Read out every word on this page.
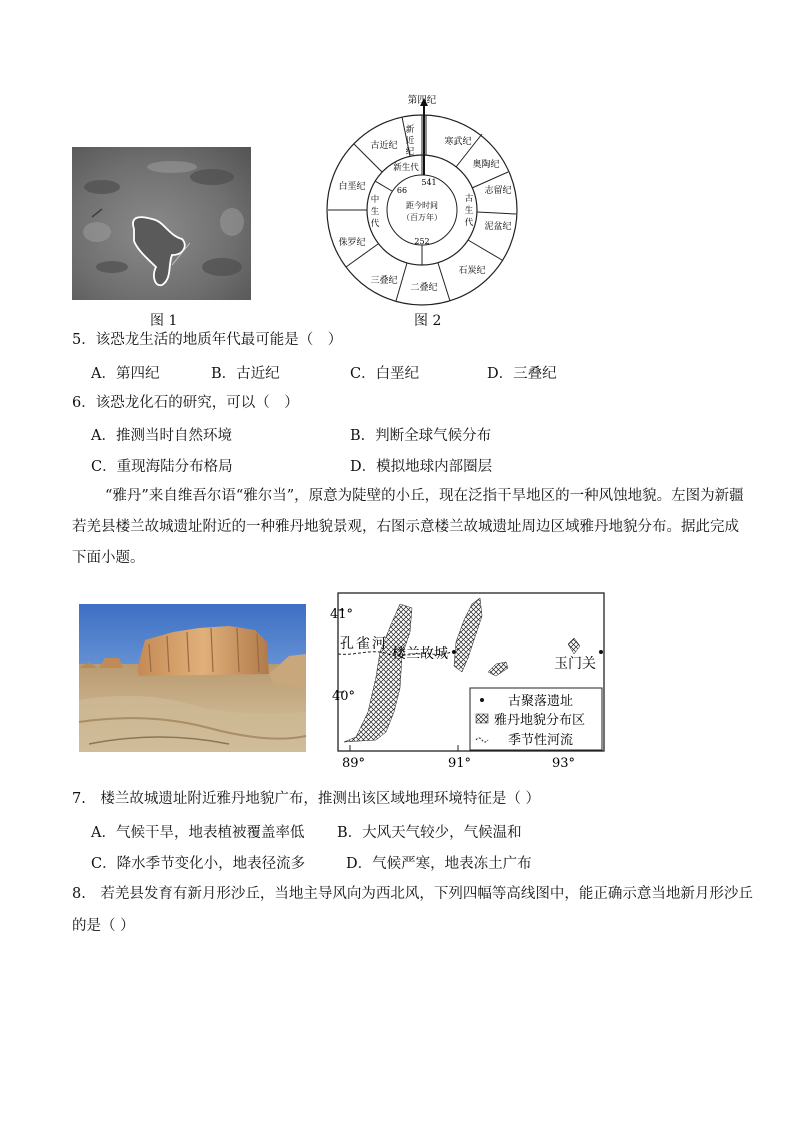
图 1
第四纪
新
近
纪
古近纪
白垩纪
侏罗纪
三叠纪
二叠纪
石炭纪
泥盆纪
志留纪
奥陶纪
寒武纪
新生代
中
生
代
古
生
代
541
66
252
距今时间
（百万年）
图 2
5．该恐龙生活的地质年代最可能是（　）
A．第四纪	B．古近纪	C．白垩纪	D．三叠纪
6．该恐龙化石的研究，可以（　）
A．推测当时自然环境	B．判断全球气候分布
C．重现海陆分布格局	D．模拟地球内部圈层
“雅丹”来自维吾尔语“雅尔当”，原意为陡壁的小丘，现在泛指干旱地区的一种风蚀地貌。左图为新疆
若羌县楼兰故城遗址附近的一种雅丹地貌景观，右图示意楼兰故城遗址周边区域雅丹地貌分布。据此完成
下面小题。
41°
40°
89°	91°	93°
孔雀河
楼兰故城
玉门关
古聚落遗址
雅丹地貌分布区
季节性河流
7.　楼兰故城遗址附近雅丹地貌广布，推测出该区域地理环境特征是（ ）
A．气候干旱，地表植被覆盖率低 B．大风天气较少，气候温和
C．降水季节变化小，地表径流多	D．气候严寒，地表冻土广布
8.　若羌县发育有新月形沙丘，当地主导风向为西北风，下列四幅等高线图中，能正确示意当地新月形沙丘
的是（ ）
